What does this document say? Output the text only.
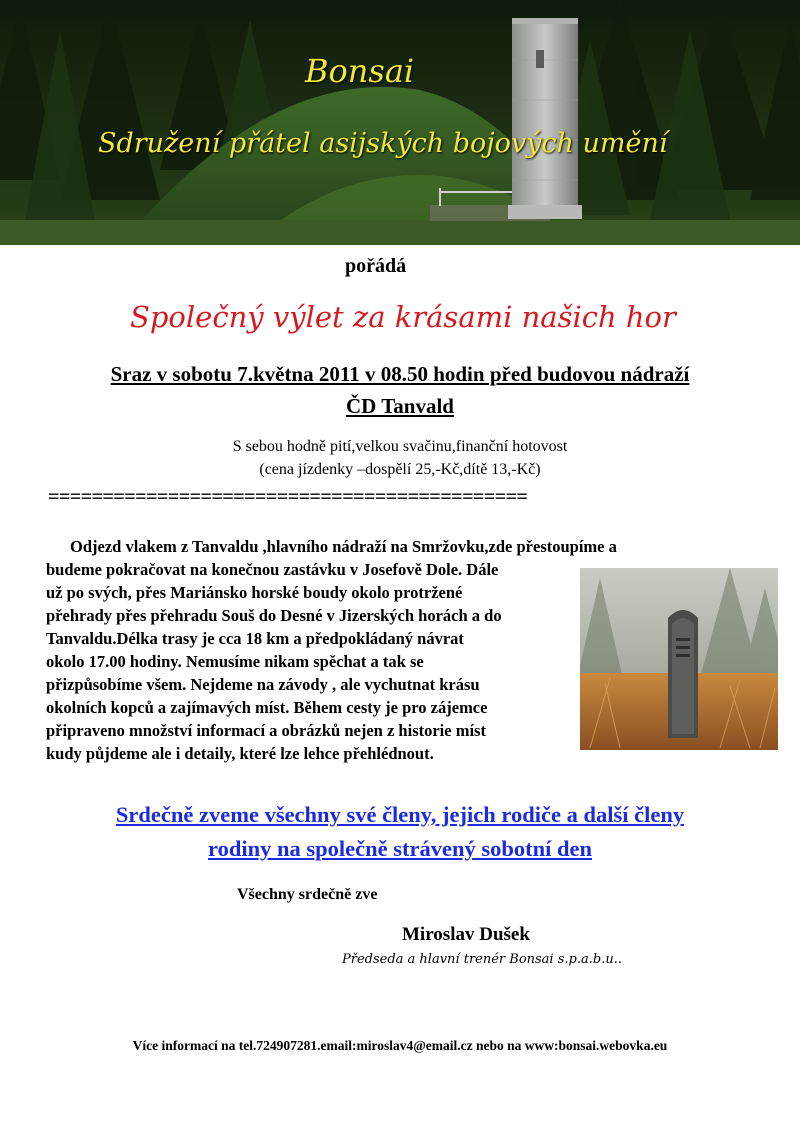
Bonsai
Sdružení přátel asijských bojových umění
pořádá
Společný výlet za krásami našich hor
Sraz v sobotu 7.května 2011 v 08.50 hodin před budovou nádraží
ČD Tanvald
S sebou hodně pití,velkou svačinu,finanční hotovost
(cena jízdenky –dospělí 25,-Kč,dítě 13,-Kč)
============================================
Odjezd vlakem z Tanvaldu ,hlavního nádraží na Smržovku,zde přestoupíme a
budeme pokračovat na konečnou zastávku v Josefově Dole. Dále
už po svých, přes Mariánsko horské boudy okolo protržené
přehrady přes přehradu Souš do Desné v Jizerských horách a do
Tanvaldu.Délka trasy je cca 18 km a předpokládaný návrat
okolo 17.00 hodiny. Nemusíme nikam spěchat a tak se
přizpůsobíme všem. Nejdeme na závody , ale vychutnat krásu
okolních kopců a zajímavých míst. Během cesty je pro zájemce
připraveno množství informací a obrázků nejen z historie míst
kudy půjdeme ale i detaily, které lze lehce přehlédnout.
Srdečně zveme všechny své členy, jejich rodiče a další členy
rodiny na společně strávený sobotní den
Všechny srdečně zve
Miroslav Dušek
Předseda a hlavní trenér Bonsai s.p.a.b.u..
Více informací na tel.724907281.email:miroslav4@email.cz nebo na www:bonsai.webovka.eu
